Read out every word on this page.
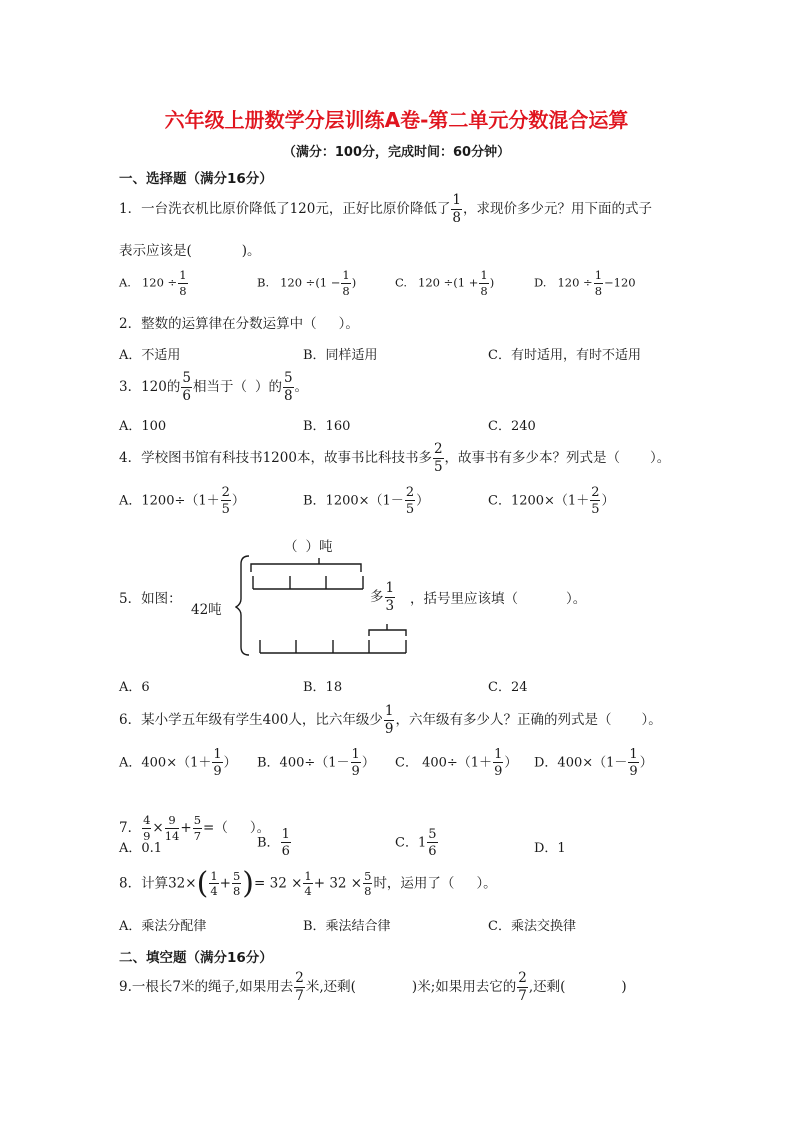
六年级上册数学分层训练A卷-第二单元分数混合运算
（满分：100分，完成时间：60分钟）
一、选择题（满分16分）
1．一台洗衣机比原价降低了120元，正好比原价降低了 $\frac{1}{8}$ ，求现价多少元？用下面的式子
表示应该是(	)。
A. $120 \div \frac{1}{8}$	B. $120 \div(1 - \frac{1}{8}$ )	C. $120 \div(1 + \frac{1}{8}$ )	D. $120 \div \frac{1}{8} -120$
2．整数的运算律在分数运算中（ ）。
A．不适用	B．同样适用	C．有时适用，有时不适用
3．120的 $\frac{5}{6}$ 相当于（ ）的 $\frac{5}{8}$ 。
A．100	B．160	C．240
4．学校图书馆有科技书1200本，故事书比科技书多 $\frac{2}{5}$ ，故事书有多少本？列式是（ ）。
A．$1200\div(1+ \frac{2}{5}$ ）	B．$1200\times(1- \frac{2}{5}$ ）	C．$1200\times(1+ \frac{2}{5}$ ）
5．如图：
（ ）吨
42吨
多 $\frac{1}{3}$ ，括号里应该填（	）。
A．6	B．18	C．24
6．某小学五年级有学生400人，比六年级少 $\frac{1}{9}$ ，六年级有多少人？正确的列式是（ ）。
A．$400\times(1+ \frac{1}{9}$ ） B．$400\div(1- \frac{1}{9}$ ） C． $400\div(1+ \frac{1}{9}$ ） D．$400\times(1- \frac{1}{9}$ ）
7． $\frac{4}{9} \times \frac{9}{14} + \frac{5}{7}$ =（ ）。
A．0.1	B． $\frac{1}{6}$	C．$1 \frac{5}{6}$	D．1
8．计算$32\times( \frac{1}{4} + \frac{5}{8}$ )= $32 \times \frac{1}{4} + 32 \times \frac{5}{8}$ 时，运用了（ ）。
A．乘法分配律	B．乘法结合律	C．乘法交换律
二、填空题（满分16分）
9.一根长7米的绳子,如果用去 $\frac{2}{7}$ 米,还剩(	)米;如果用去它的 $\frac{2}{7}$ ,还剩(	)
